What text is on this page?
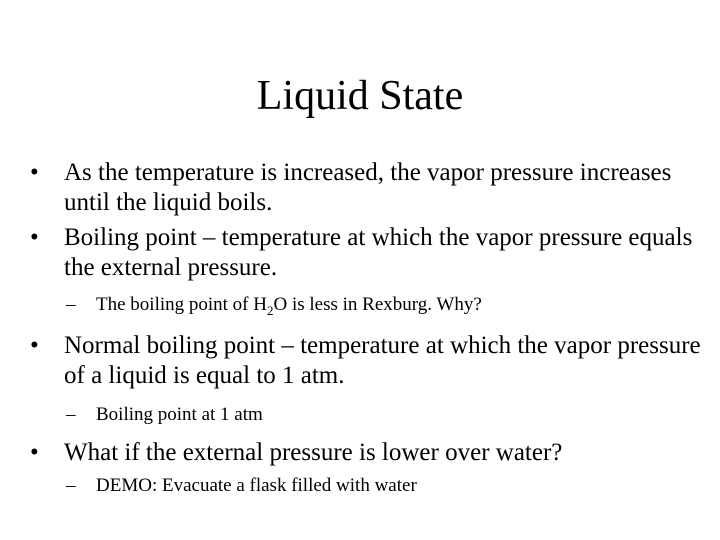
Liquid State

• As the temperature is increased, the vapor pressure increases until the liquid boils.

• Boiling point – temperature at which the vapor pressure equals the external pressure.

– The boiling point of $H_2O$ is less in Rexburg. Why?

• Normal boiling point – temperature at which the vapor pressure of a liquid is equal to 1 atm.

– Boiling point at 1 atm

• What if the external pressure is lower over water?

– DEMO: Evacuate a flask filled with water
